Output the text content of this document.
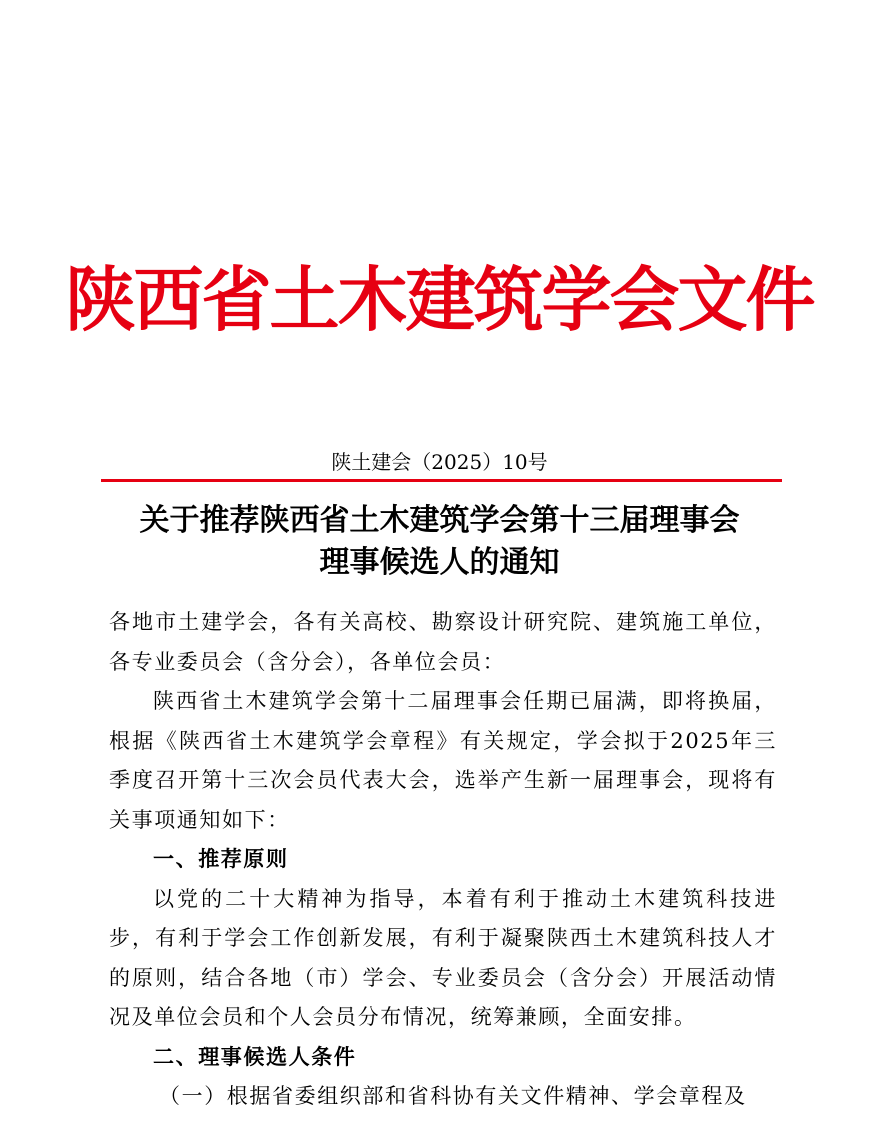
陕西省土木建筑学会文件
陕土建会（2025）10号
关于推荐陕西省土木建筑学会第十三届理事会
理事候选人的通知

各地市土建学会，各有关高校、勘察设计研究院、建筑施工单位，各专业委员会（含分会），各单位会员：

陕西省土木建筑学会第十二届理事会任期已届满，即将换届，根据《陕西省土木建筑学会章程》有关规定，学会拟于2025年三季度召开第十三次会员代表大会，选举产生新一届理事会，现将有关事项通知如下：

一、推荐原则

以党的二十大精神为指导，本着有利于推动土木建筑科技进步，有利于学会工作创新发展，有利于凝聚陕西土木建筑科技人才的原则，结合各地（市）学会、专业委员会（含分会）开展活动情况及单位会员和个人会员分布情况，统筹兼顾，全面安排。

二、理事候选人条件

（一）根据省委组织部和省科协有关文件精神、学会章程及
